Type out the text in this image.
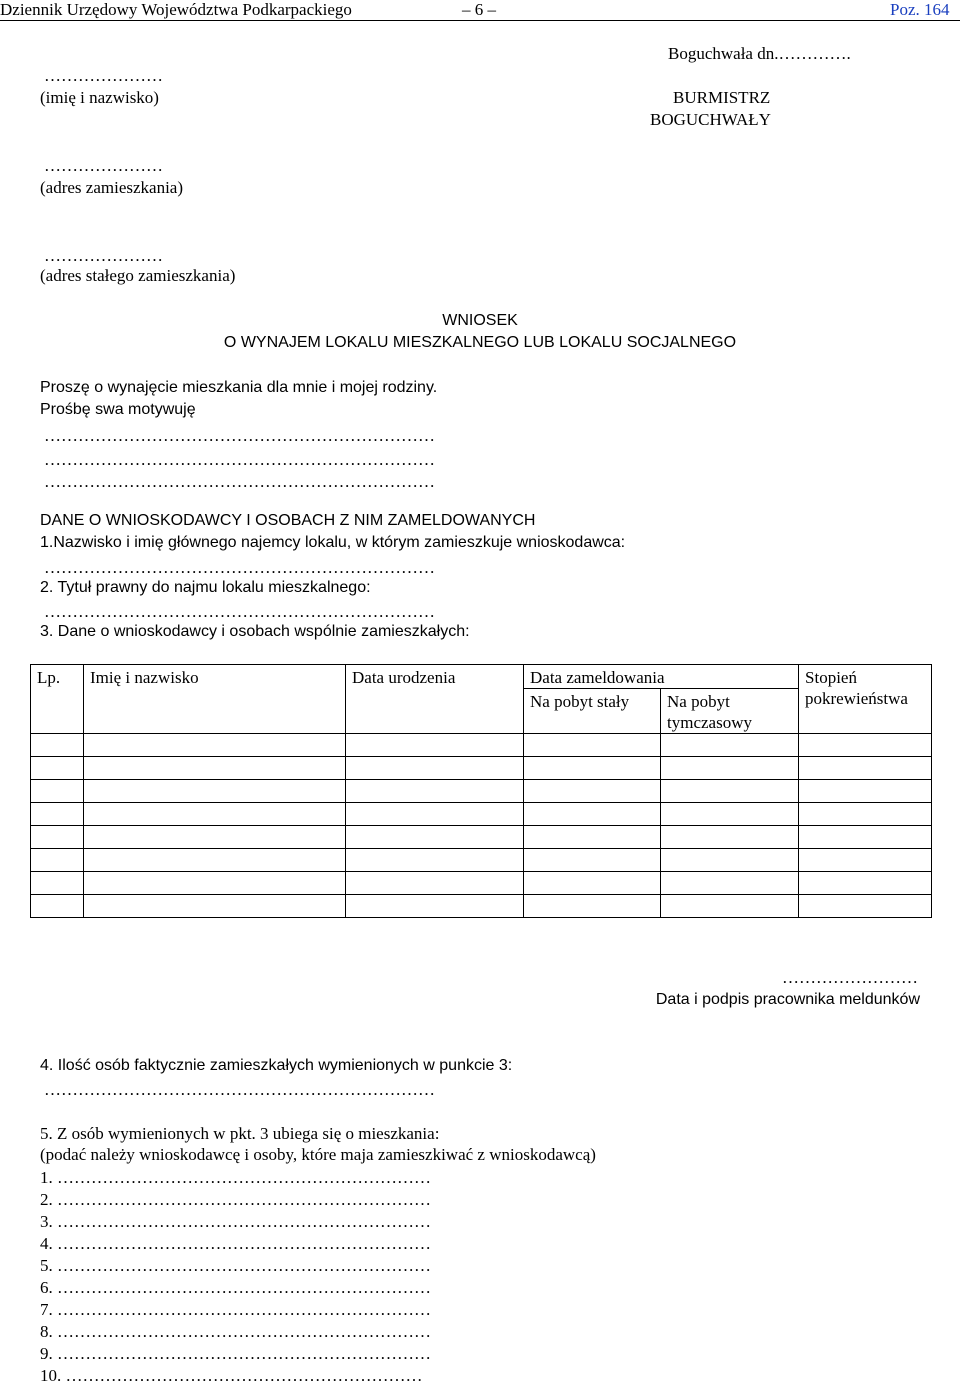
Dziennik Urzędowy Województwa Podkarpackiego	– 6 –	Poz. 164
Boguchwała dn.………….
…………………
(imię i nazwisko)
…………………
(adres zamieszkania)
…………………
(adres stałego zamieszkania)
BURMISTRZ
BOGUCHWAŁY
WNIOSEK
O WYNAJEM LOKALU MIESZKALNEGO LUB LOKALU SOCJALNEGO
Proszę o wynajęcie mieszkania dla mnie i mojej rodziny.
Prośbę swa motywuję
……………………………………………………………
……………………………………………………………
……………………………………………………………
DANE O WNIOSKODAWCY I OSOBACH Z NIM ZAMELDOWANYCH
1.Nazwisko i imię głównego najemcy lokalu, w którym zamieszkuje wnioskodawca:
……………………………………………………………
2. Tytuł prawny do najmu lokalu mieszkalnego:
……………………………………………………………
3. Dane o wnioskodawcy i osobach wspólnie zamieszkałych:
Lp.	Imię i nazwisko	Data urodzenia	Data zameldowania		Stopień pokrewieństwa

			Na pobyt stały	Na pobyt tymczasowy	

……………………
Data i podpis pracownika meldunków
4. Ilość osób faktycznie zamieszkałych wymienionych w punkcie 3:
……………………………………………………………
5. Z osób wymienionych w pkt. 3 ubiega się o mieszkania:
(podać należy wnioskodawcę i osoby, które maja zamieszkiwać z wnioskodawcą)
1. …………………………………………………………
2. …………………………………………………………
3. …………………………………………………………
4. …………………………………………………………
5. …………………………………………………………
6. …………………………………………………………
7. …………………………………………………………
8. …………………………………………………………
9. …………………………………………………………
10. ………………………………………………………
